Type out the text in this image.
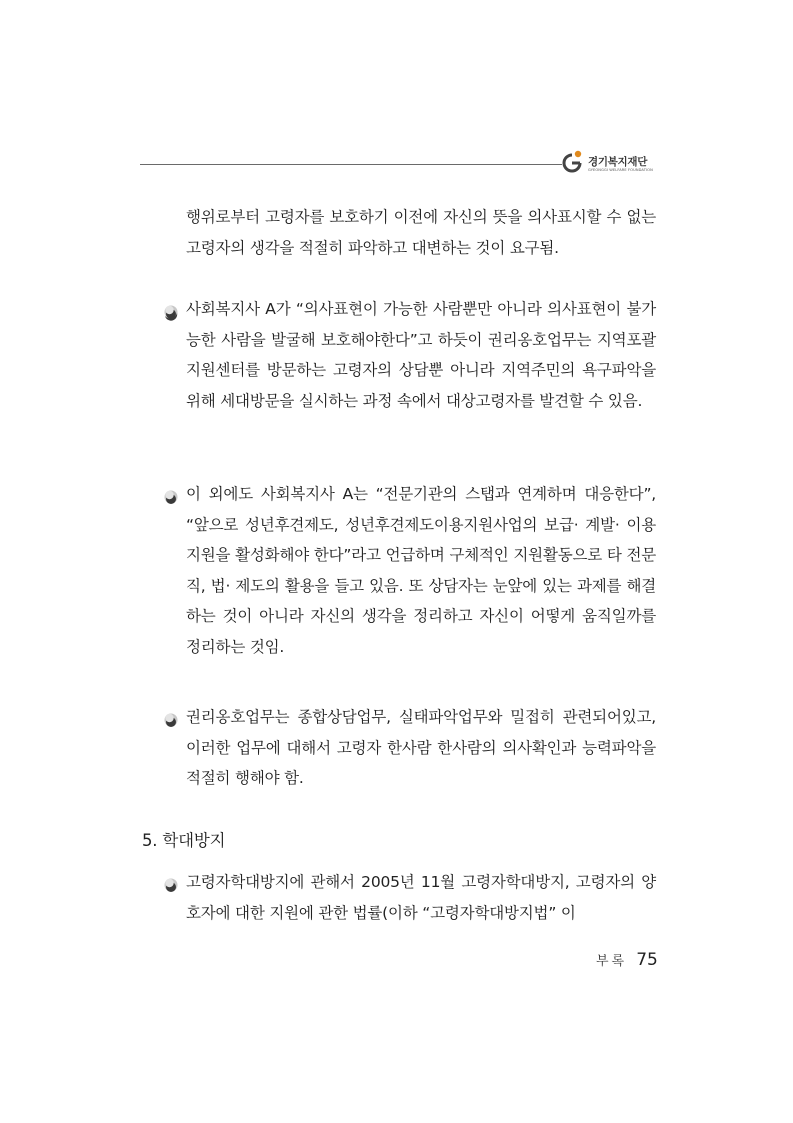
경기복지재단
GYEONGGI WELFARE FOUNDATION
행위로부터 고령자를 보호하기 이전에 자신의 뜻을 의사표시할 수 없는 고령자의 생각을 적절히 파악하고 대변하는 것이 요구됨.
사회복지사 A가 “의사표현이 가능한 사람뿐만 아니라 의사표현이 불가능한 사람을 발굴해 보호해야한다”고 하듯이 권리옹호업무는 지역포괄지원센터를 방문하는 고령자의 상담뿐 아니라 지역주민의 욕구파악을 위해 세대방문을 실시하는 과정 속에서 대상고령자를 발견할 수 있음.
이 외에도 사회복지사 A는 “전문기관의 스탭과 연계하며 대응한다”, “앞으로 성년후견제도, 성년후견제도이용지원사업의 보급· 계발· 이용지원을 활성화해야 한다”라고 언급하며 구체적인 지원활동으로 타 전문직, 법· 제도의 활용을 들고 있음. 또 상담자는 눈앞에 있는 과제를 해결하는 것이 아니라 자신의 생각을 정리하고 자신이 어떻게 움직일까를 정리하는 것임.
권리옹호업무는 종합상담업무, 실태파악업무와 밀접히 관련되어있고, 이러한 업무에 대해서 고령자 한사람 한사람의 의사확인과 능력파악을 적절히 행해야 함.
5. 학대방지
고령자학대방지에 관해서 2005년 11월 고령자학대방지, 고령자의 양호자에 대한 지원에 관한 법률(이하 “고령자학대방지법” 이
부록 75
